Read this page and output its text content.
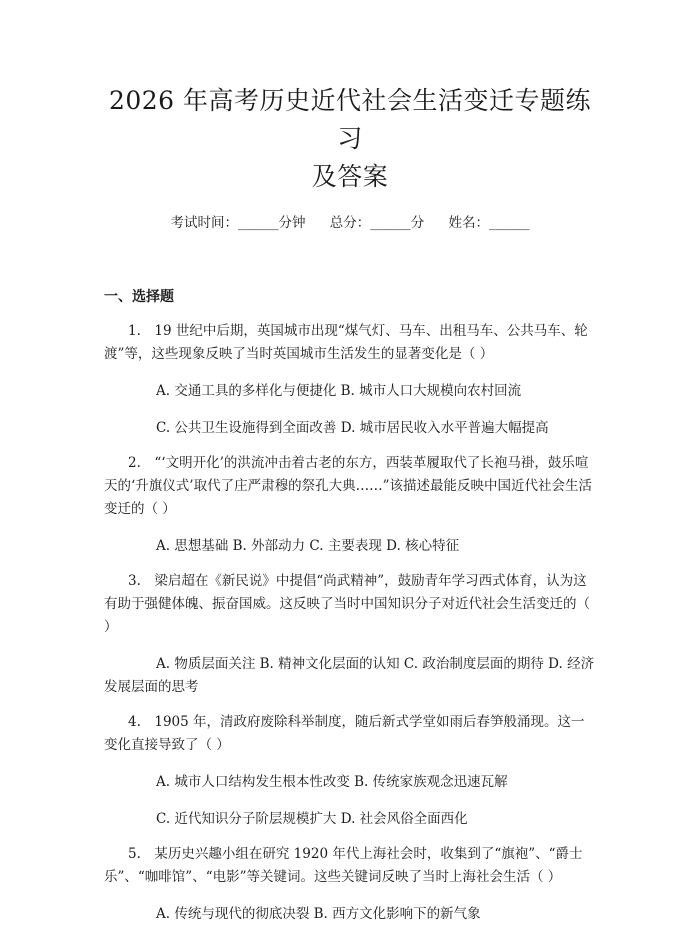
2026 年高考历史近代社会生活变迁专题练习
及答案
考试时间：______分钟 总分：______分 姓名：______
一、选择题
1.　19 世纪中后期，英国城市出现“煤气灯、马车、出租马车、公共马车、轮渡”等，这些现象反映了当时英国城市生活发生的显著变化是（ ）
A. 交通工具的多样化与便捷化 B. 城市人口大规模向农村回流
C. 公共卫生设施得到全面改善 D. 城市居民收入水平普遍大幅提高
2.　“‘文明开化’的洪流冲击着古老的东方，西装革履取代了长袍马褂，鼓乐喧天的‘升旗仪式’取代了庄严肃穆的祭孔大典……”该描述最能反映中国近代社会生活变迁的（ ）
A. 思想基础 B. 外部动力 C. 主要表现 D. 核心特征
3.　梁启超在《新民说》中提倡“尚武精神”，鼓励青年学习西式体育，认为这有助于强健体魄、振奋国威。这反映了当时中国知识分子对近代社会生活变迁的（ ）
A. 物质层面关注 B. 精神文化层面的认知 C. 政治制度层面的期待 D. 经济发展层面的思考
4.　1905 年，清政府废除科举制度，随后新式学堂如雨后春笋般涌现。这一变化直接导致了（ ）
A. 城市人口结构发生根本性改变 B. 传统家族观念迅速瓦解
C. 近代知识分子阶层规模扩大 D. 社会风俗全面西化
5.　某历史兴趣小组在研究 1920 年代上海社会时，收集到了“旗袍”、“爵士乐”、“咖啡馆”、“电影”等关键词。这些关键词反映了当时上海社会生活（ ）
A. 传统与现代的彻底决裂 B. 西方文化影响下的新气象
